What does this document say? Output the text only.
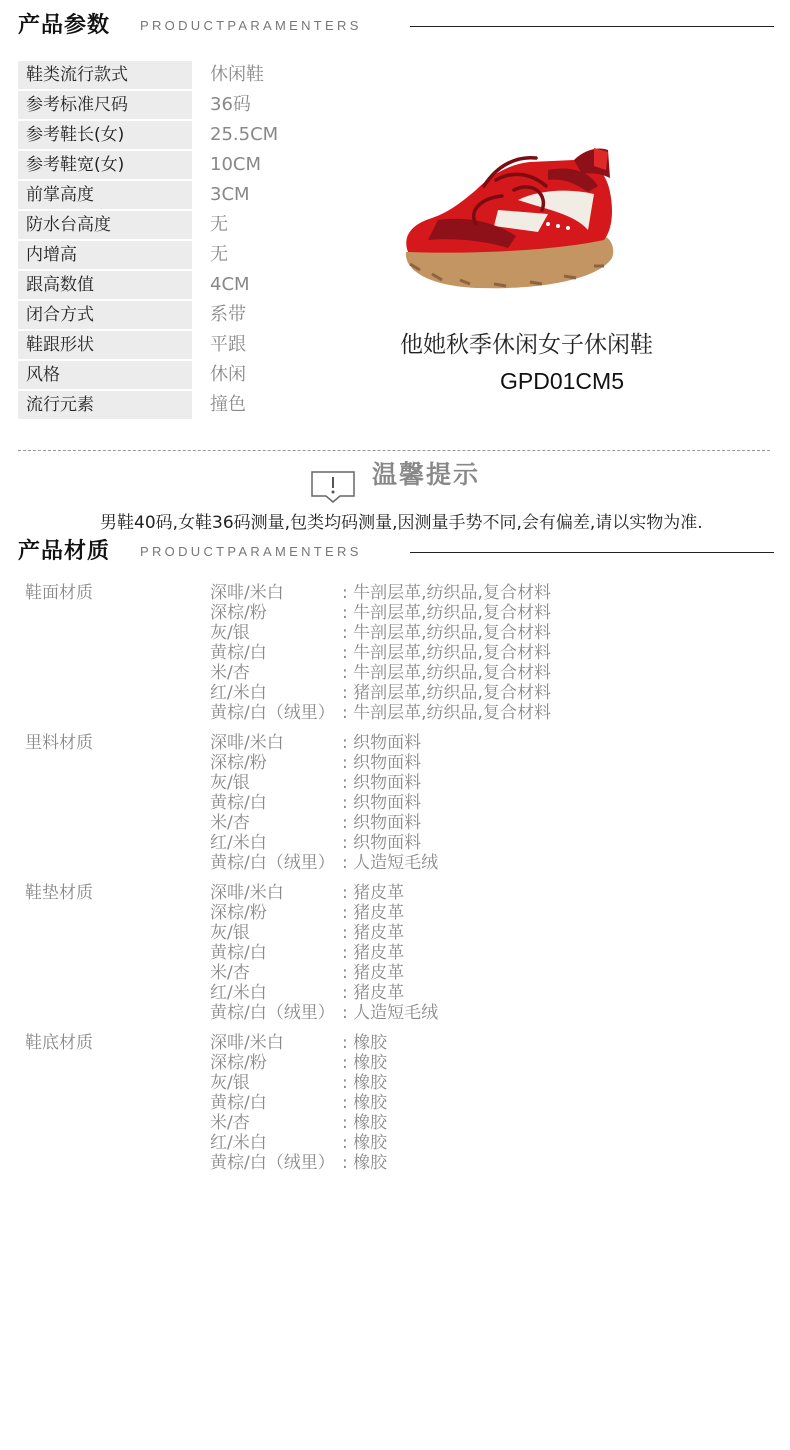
产品参数 PRODUCTPARAMENTERS
鞋类流行款式	休闲鞋
参考标准尺码	36码
参考鞋长(女)	25.5CM
参考鞋宽(女)	10CM
前掌高度	3CM
防水台高度	无
内增高	无
跟高数值	4CM
闭合方式	系带
鞋跟形状	平跟
风格	休闲
流行元素	撞色
他她秋季休闲女子休闲鞋
GPD01CM5
温馨提示
男鞋40码,女鞋36码测量,包类均码测量,因测量手势不同,会有偏差,请以实物为准.
产品材质 PRODUCTPARAMENTERS
鞋面材质	深啡/米白	: 牛剖层革,纺织品,复合材料
深棕/粉	: 牛剖层革,纺织品,复合材料
灰/银	: 牛剖层革,纺织品,复合材料
黄棕/白	: 牛剖层革,纺织品,复合材料
米/杏	: 牛剖层革,纺织品,复合材料
红/米白	: 猪剖层革,纺织品,复合材料
黄棕/白（绒里） : 牛剖层革,纺织品,复合材料
里料材质	深啡/米白	: 织物面料
深棕/粉	: 织物面料
灰/银	: 织物面料
黄棕/白	: 织物面料
米/杏	: 织物面料
红/米白	: 织物面料
黄棕/白（绒里） : 人造短毛绒
鞋垫材质	深啡/米白	: 猪皮革
深棕/粉	: 猪皮革
灰/银	: 猪皮革
黄棕/白	: 猪皮革
米/杏	: 猪皮革
红/米白	: 猪皮革
黄棕/白（绒里） : 人造短毛绒
鞋底材质	深啡/米白	: 橡胶
深棕/粉	: 橡胶
灰/银	: 橡胶
黄棕/白	: 橡胶
米/杏	: 橡胶
红/米白	: 橡胶
黄棕/白（绒里） : 橡胶
